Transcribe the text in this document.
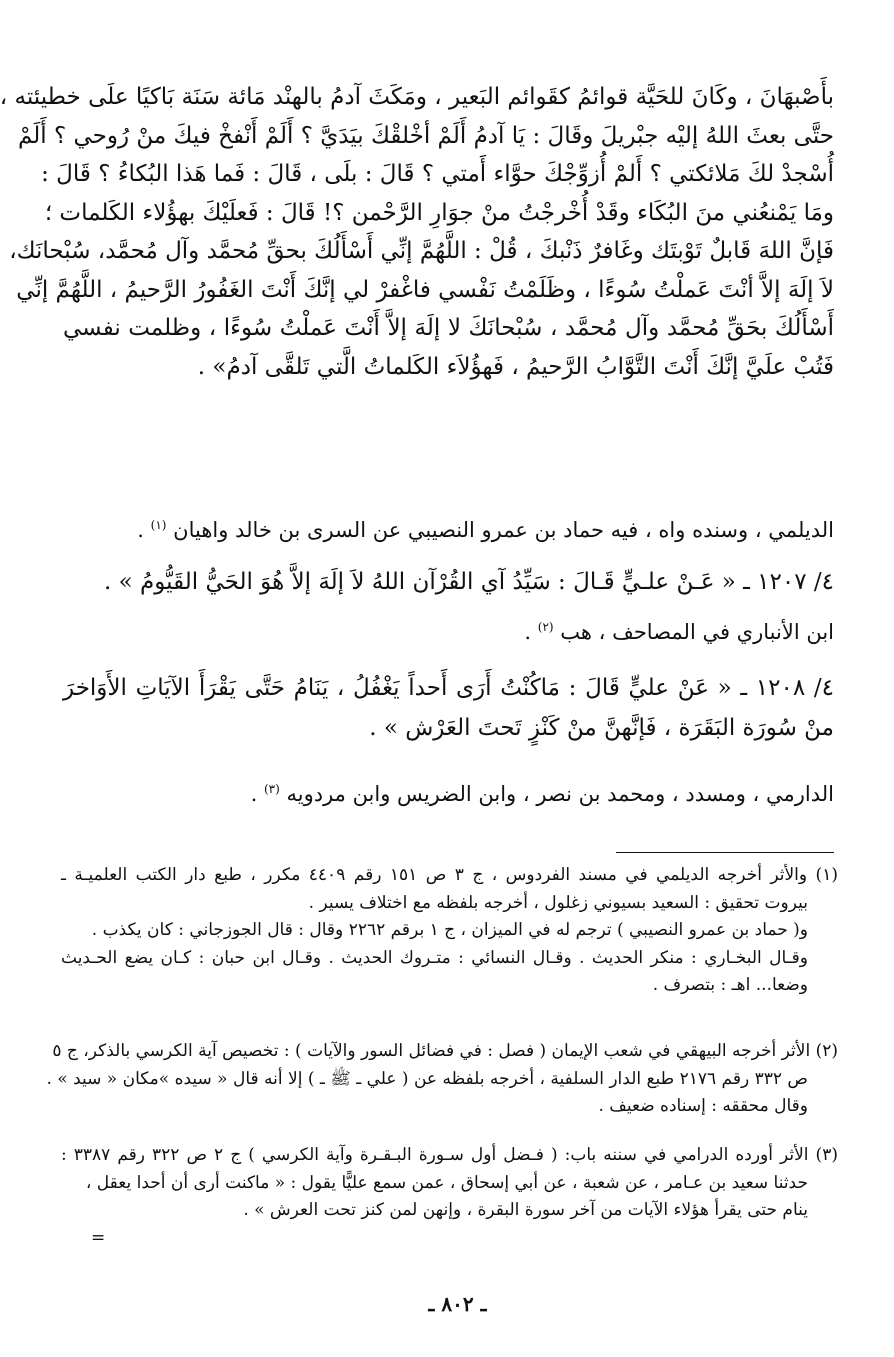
بأَصْبهَانَ ، وكَانَ للحَيَّة قوائمُ كقَوائم البَعير ، ومَكَثَ آدمُ بالهنْد مَائة سَنَة بَاكيًا علَى خطيئته ،
حتَّى بعثَ اللهُ إليْه جبْريلَ وقَالَ : يَا آدمُ أَلَمْ أخْلقْكَ بيَدَيَّ ؟ أَلَمْ أَنْفخْ فيكَ منْ رُوحي ؟ أَلَمْ
أُسْجدْ لكَ مَلائكتي ؟ أَلمْ أُزوِّجْكَ حوَّاء أَمتي ؟ قَالَ : بلَى ، قَالَ : فَما هَذا البُكاءُ ؟ قَالَ :
ومَا يَمْنعُني منَ البُكَاء وقَدْ أُخْرجْتُ منْ جوَارِ الرَّحْمن ؟! قَالَ : فَعلَيْكَ بهؤُلاء الكَلمات ؛
فَإنَّ اللهَ قَابلٌ تَوْبتَك وغَافرٌ ذَنْبكَ ، قُلْ : اللَّهُمَّ إنِّي أَسْأَلُكَ بحقِّ مُحمَّد وآل مُحمَّد، سُبْحانَك،
لاَ إلَهَ إلاَّ أنْتَ عَملْتُ سُوءًا ، وظَلَمْتُ نَفْسي فاغْفرْ لي إنَّكَ أَنْتَ الغَفُورُ الرَّحيمُ ، اللَّهُمَّ إنِّي
أَسْأَلُكَ بحَقِّ مُحمَّد وآل مُحمَّد ، سُبْحانَكَ لا إلَهَ إلاَّ أَنْتَ عَملْتُ سُوءًا ، وظلمت نفسي
فَتُبْ علَيَّ إنَّكَ أَنْتَ التَّوَّابُ الرَّحيمُ ، فَهؤُلاَء الكَلماتُ الَّتي تَلقَّى آدمُ» .
الديلمي ، وسنده واه ، فيه حماد بن عمرو النصيبي عن السرى بن خالد واهيان $^{(١)}$ .
٤/ ١٢٠٧ ـ « عَـنْ علـيٍّ قَـالَ : سَيِّدُ آي القُرْآن اللهُ لاَ إلَهَ إلاَّ هُوَ الحَيُّ القَيُّومُ » .
ابن الأنباري في المصاحف ، هب $^{(٢)}$ .
٤/ ١٢٠٨ ـ « عَنْ عليٍّ قَالَ : مَاكُنْتُ أَرَى أَحداً يَغْفُلُ ، يَنَامُ حَتَّى يَقْرَأَ الآيَاتِ الأَوَاخرَ
منْ سُورَة البَقَرَة ، فَإنَّهنَّ منْ كَنْزٍ تَحتَ العَرْش » .
الدارمي ، ومسدد ، ومحمد بن نصر ، وابن الضريس وابن مردويه $^{(٣)}$ .
(١) والأثر أخرجه الديلمي في مسند الفردوس ، ج ٣ ص ١٥١ رقم ٤٤٠٩ مكرر ، طبع دار الكتب العلميـة ـ
بيروت تحقيق : السعيد بسيوني زغلول ، أخرجه بلفظه مع اختلاف يسير .
و( حماد بن عمرو النصيبي ) ترجم له في الميزان ، ج ١ برقم ٢٢٦٢ وقال : قال الجوزجاني : كان يكذب .
وقـال البخـاري : منكر الحديث . وقـال النسائي : متـروك الحديث . وقـال ابن حبان : كـان يضع الحـديث
وضعا... اهـ : بتصرف .
(٢) الأثر أخرجه البيهقي في شعب الإيمان ( فصل : في فضائل السور والآيات ) : تخصيص آية الكرسي بالذكر، ج ٥
ص ٣٣٢ رقم ٢١٧٦ طبع الدار السلفية ، أخرجه بلفظه عن ( علي ـ ﷺ ـ ) إلا أنه قال « سيده »مكان « سيد » .
وقال محققه : إسناده ضعيف .
(٣) الأثر أورده الدرامي في سننه باب: ( فـضل أول سـورة البـقـرة وآية الكرسي ) ج ٢ ص ٣٢٢ رقم ٣٣٨٧ :
حدثنا سعيد بن عـامر ، عن شعبة ، عن أبي إسحاق ، عمن سمع عليًّا يقول : « ماكنت أرى أن أحدا يعقل ،
ينام حتى يقرأ هؤلاء الآيات من آخر سورة البقرة ، وإنهن لمن كنز تحت العرش » .
=
ـ ٨٠٢ ـ
